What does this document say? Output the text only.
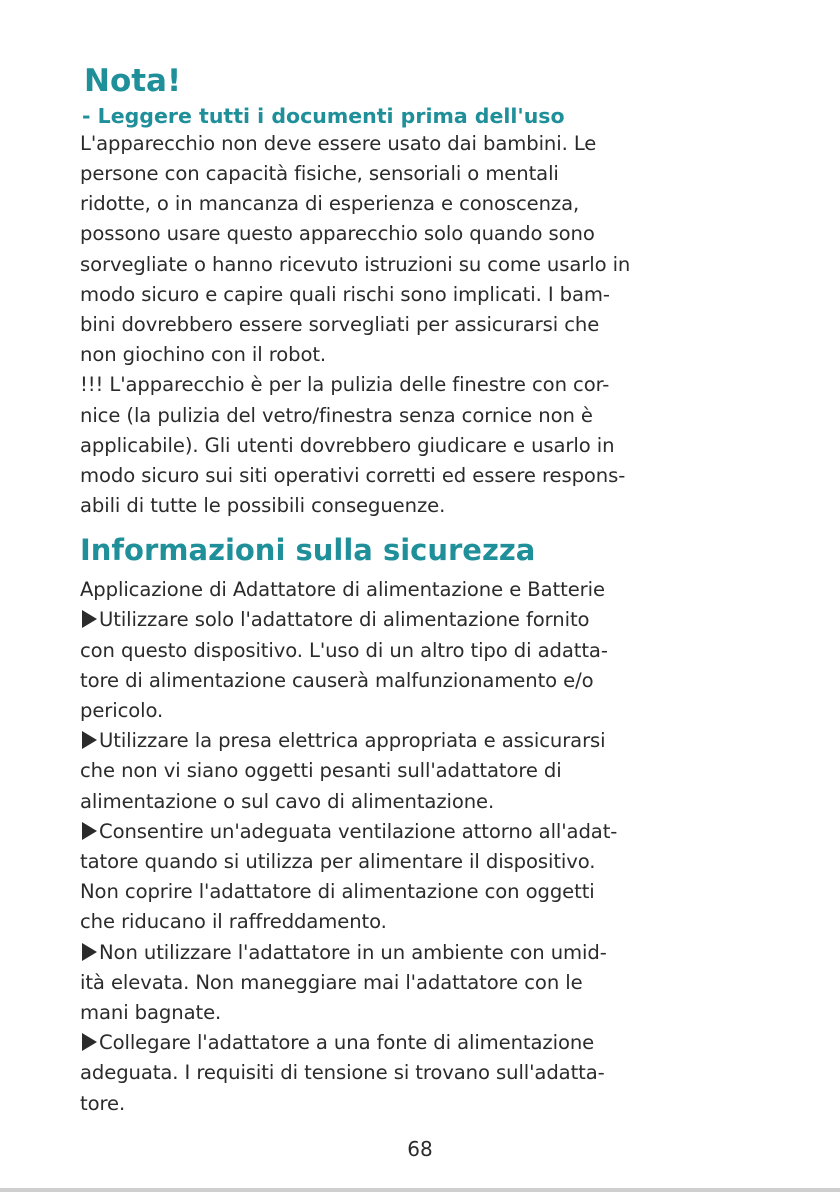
Nota!
- Leggere tutti i documenti prima dell'uso
L'apparecchio non deve essere usato dai bambini. Le
persone con capacità fisiche, sensoriali o mentali
ridotte, o in mancanza di esperienza e conoscenza,
possono usare questo apparecchio solo quando sono
sorvegliate o hanno ricevuto istruzioni su come usarlo in
modo sicuro e capire quali rischi sono implicati. I bam-
bini dovrebbero essere sorvegliati per assicurarsi che
non giochino con il robot.
!!! L'apparecchio è per la pulizia delle finestre con cor-
nice (la pulizia del vetro/finestra senza cornice non è
applicabile). Gli utenti dovrebbero giudicare e usarlo in
modo sicuro sui siti operativi corretti ed essere respons-
abili di tutte le possibili conseguenze.
Informazioni sulla sicurezza
Applicazione di Adattatore di alimentazione e Batterie
Utilizzare solo l'adattatore di alimentazione fornito
con questo dispositivo. L'uso di un altro tipo di adatta-
tore di alimentazione causerà malfunzionamento e/o
pericolo.
Utilizzare la presa elettrica appropriata e assicurarsi
che non vi siano oggetti pesanti sull'adattatore di
alimentazione o sul cavo di alimentazione.
Consentire un'adeguata ventilazione attorno all'adat-
tatore quando si utilizza per alimentare il dispositivo.
Non coprire l'adattatore di alimentazione con oggetti
che riducano il raffreddamento.
Non utilizzare l'adattatore in un ambiente con umid-
ità elevata. Non maneggiare mai l'adattatore con le
mani bagnate.
Collegare l'adattatore a una fonte di alimentazione
adeguata. I requisiti di tensione si trovano sull'adatta-
tore.
68
